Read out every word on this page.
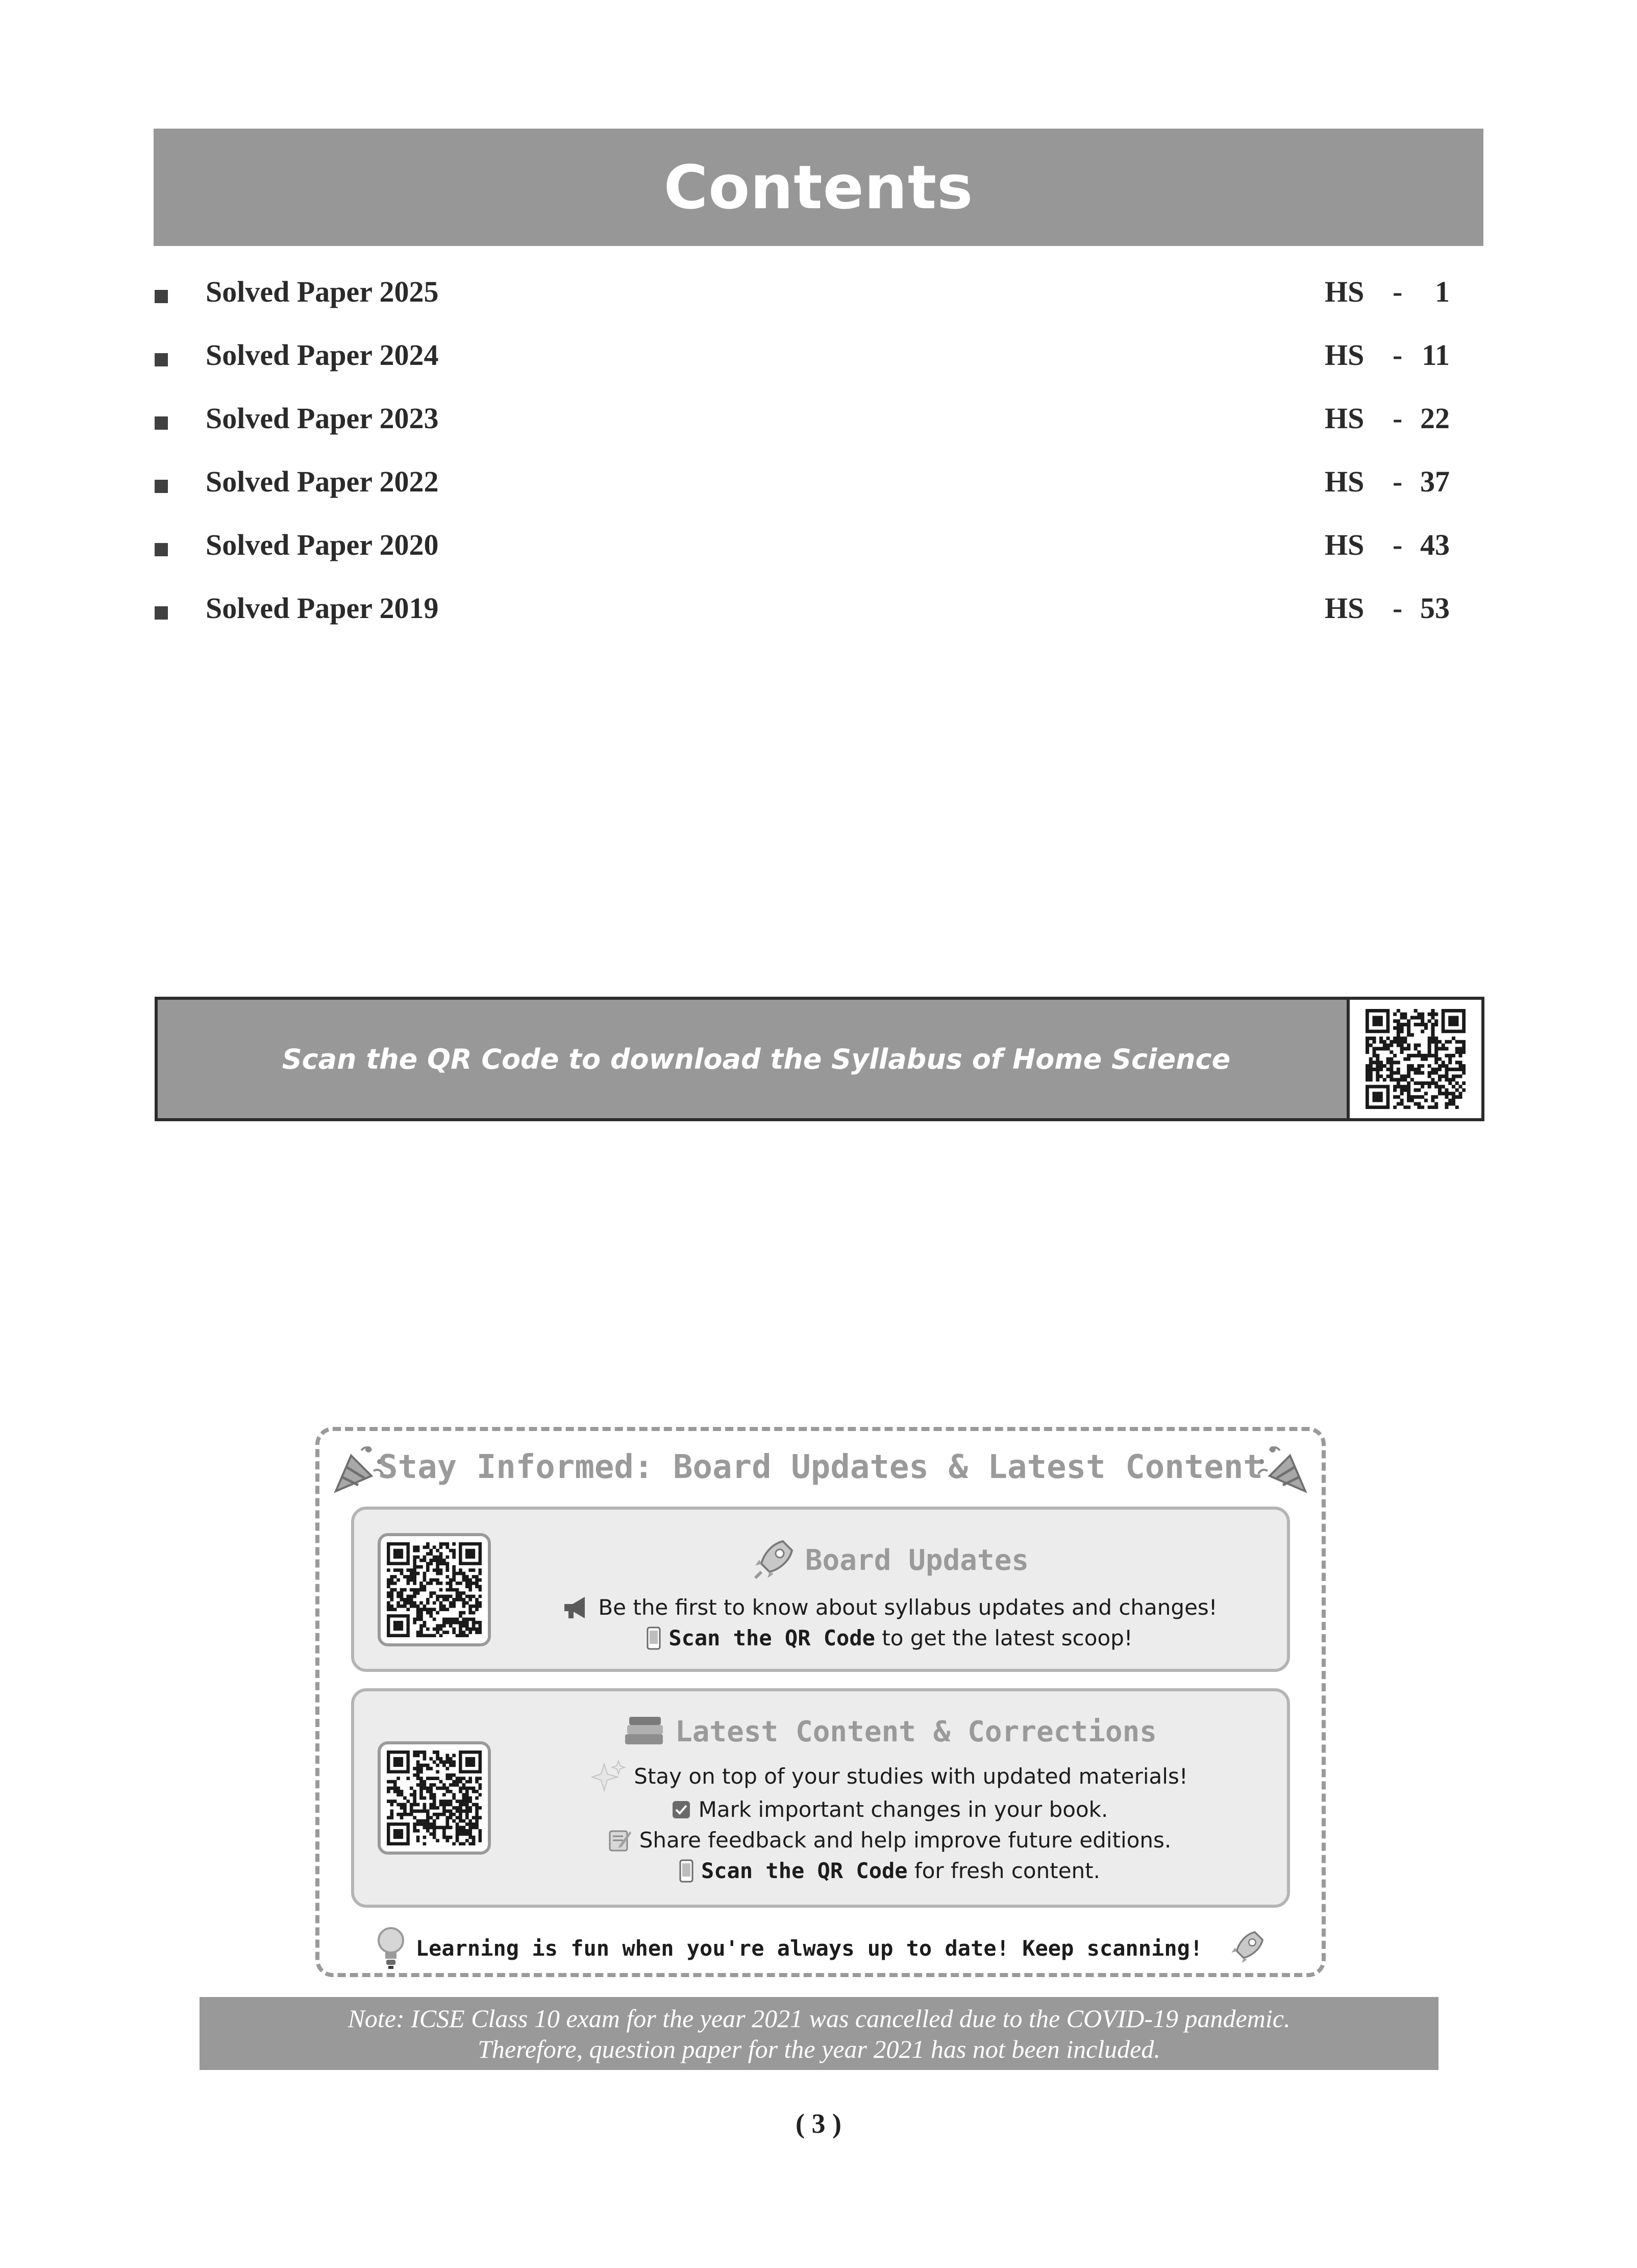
Contents
Solved Paper 2025	HS - 1
Solved Paper 2024	HS - 11
Solved Paper 2023	HS - 22
Solved Paper 2022	HS - 37
Solved Paper 2020	HS - 43
Solved Paper 2019	HS - 53
Scan the QR Code to download the Syllabus of Home Science
Stay Informed: Board Updates & Latest Content
Board Updates
Be the first to know about syllabus updates and changes!
Scan the QR Code to get the latest scoop!
Latest Content & Corrections
Stay on top of your studies with updated materials!
Mark important changes in your book.
Share feedback and help improve future editions.
Scan the QR Code for fresh content.
Learning is fun when you're always up to date! Keep scanning!
Note: ICSE Class 10 exam for the year 2021 was cancelled due to the COVID-19 pandemic.
Therefore, question paper for the year 2021 has not been included.
( 3 )
